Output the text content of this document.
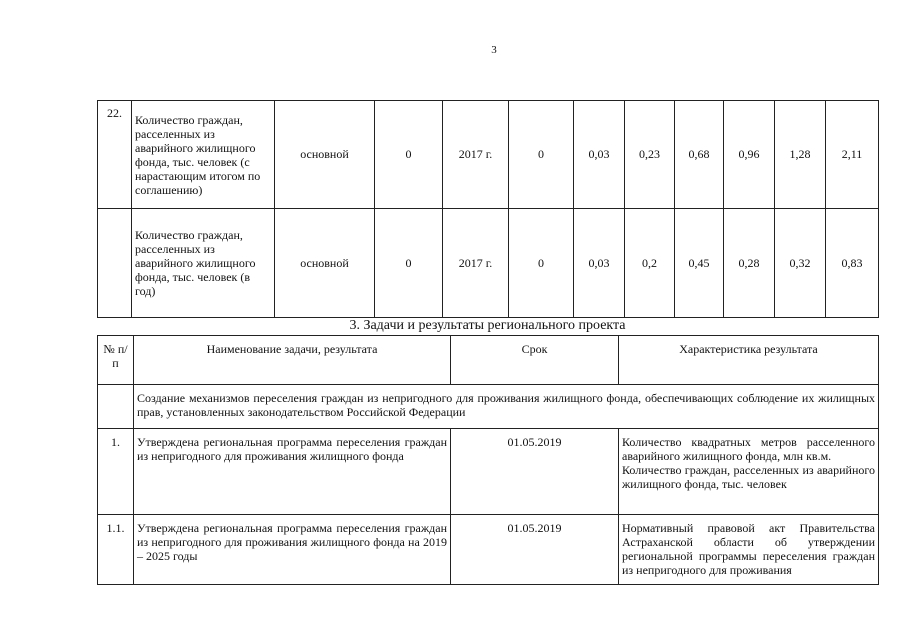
3
22.	Количество граждан, расселенных из аварийного жилищного фонда, тыс. человек (с нарастающим итогом по соглашению)	основной	0	2017 г.	0	0,03	0,23	0,68	0,96	1,28	2,11
	Количество граждан, расселенных из аварийного жилищного фонда, тыс. человек (в год)	основной	0	2017 г.	0	0,03	0,2	0,45	0,28	0,32	0,83
3. Задачи и результаты регионального проекта
№ п/п	Наименование задачи, результата	Срок	Характеристика результата
	Создание механизмов переселения граждан из непригодного для проживания жилищного фонда, обеспечивающих соблюдение их жилищных прав, установленных законодательством Российской Федерации		
1.	Утверждена региональная программа переселения граждан из непригодного для проживания жилищного фонда	01.05.2019	Количество квадратных метров расселенного аварийного жилищного фонда, млн кв.м.
Количество граждан, расселенных из аварийного жилищного фонда, тыс. человек

1.1.	Утверждена региональная программа переселения граждан из непригодного для проживания жилищного фонда на 2019 – 2025 годы	01.05.2019	Нормативный правовой акт Правительства Астраханской области об утверждении региональной программы переселения граждан из непригодного для проживания
